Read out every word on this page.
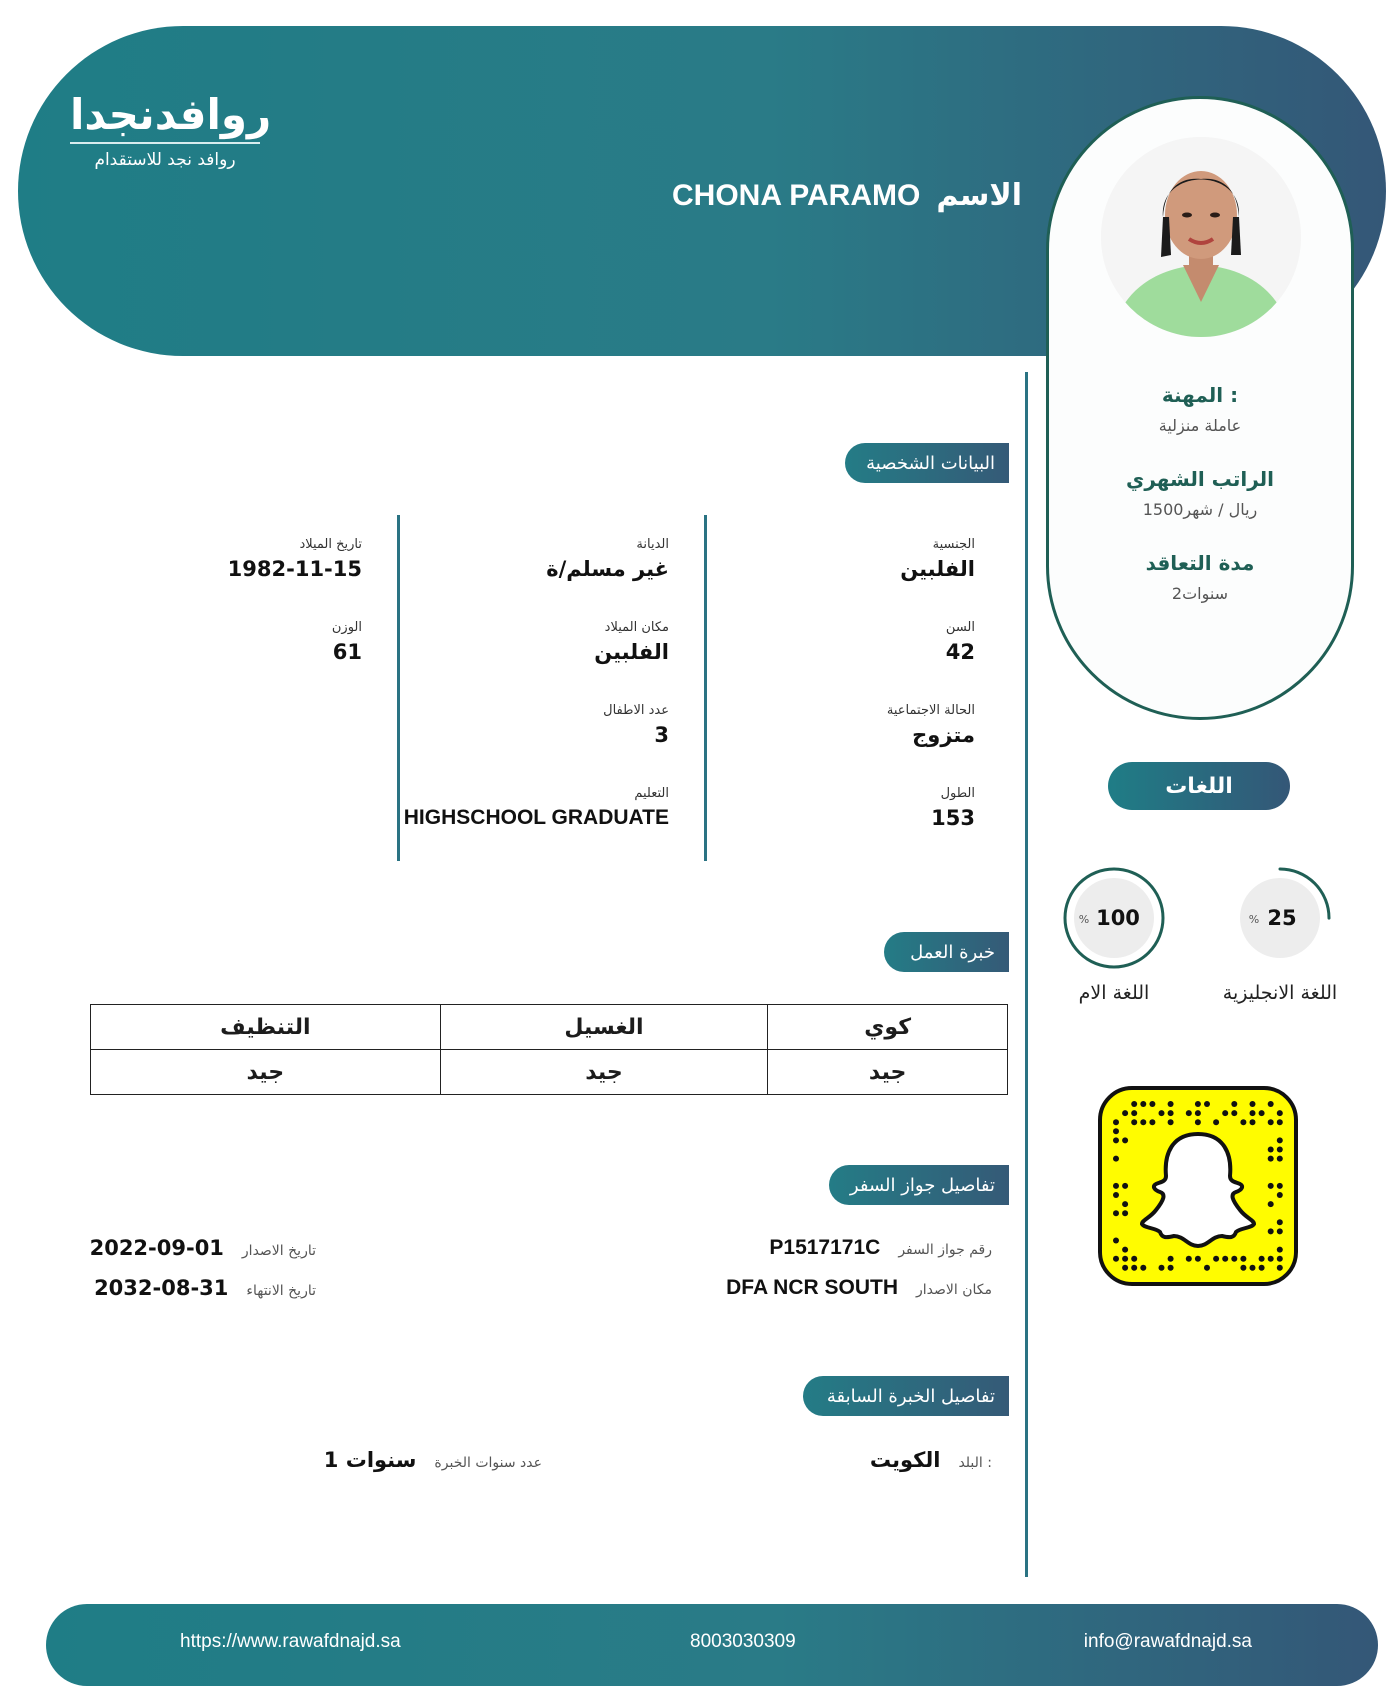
روافدنجدا
روافد نجد للاستقدام
الاسم
CHONA PARAMO
المهنة :
عاملة منزلية
الراتب الشهري
1500ريال / شهر
مدة التعاقد
2سنوات
البيانات الشخصية
الجنسية
الفلبين
السن
42
الحالة الاجتماعية
متزوج
الطول
153
الديانة
غير مسلم/ة
مكان الميلاد
الفلبين
عدد الاطفال
3
التعليم
HIGHSCHOOL GRADUATE
تاريخ الميلاد
1982-11-15
الوزن
61
خبرة العمل
كوي	الغسيل	التنظيف
جيد	جيد	جيد
تفاصيل جواز السفر
رقم جواز السفر
P1517171C
مكان الاصدار
DFA NCR SOUTH
تاريخ الاصدار
2022-09-01
تاريخ الانتهاء
2032-08-31
تفاصيل الخبرة السابقة
البلد :
الكويت
عدد سنوات الخبرة
1 سنوات
اللغات
25
%
اللغة الانجليزية
100
%
اللغة الام
https://www.rawafdnajd.sa	8003030309	info@rawafdnajd.sa
